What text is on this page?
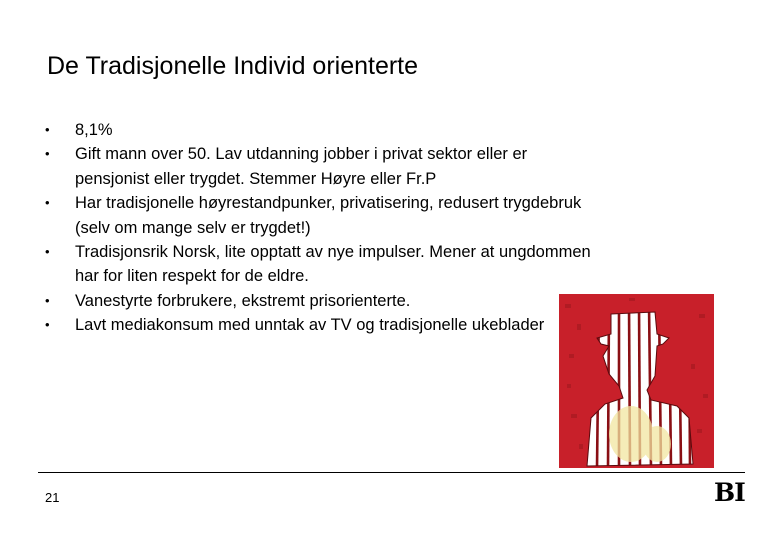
De Tradisjonelle Individ orienterte
• 8,1%
• Gift mann over 50. Lav utdanning jobber i privat sektor eller er pensjonist eller trygdet. Stemmer Høyre eller Fr.P
• Har tradisjonelle høyrestandpunker, privatisering, redusert trygdebruk (selv om mange selv er trygdet!)
• Tradisjonsrik Norsk, lite opptatt av nye impulser. Mener at ungdommen har for liten respekt for de eldre.
• Vanestyrte forbrukere, ekstremt prisorienterte.
• Lavt mediakonsum med unntak av TV og tradisjonelle ukeblader
21	BI
